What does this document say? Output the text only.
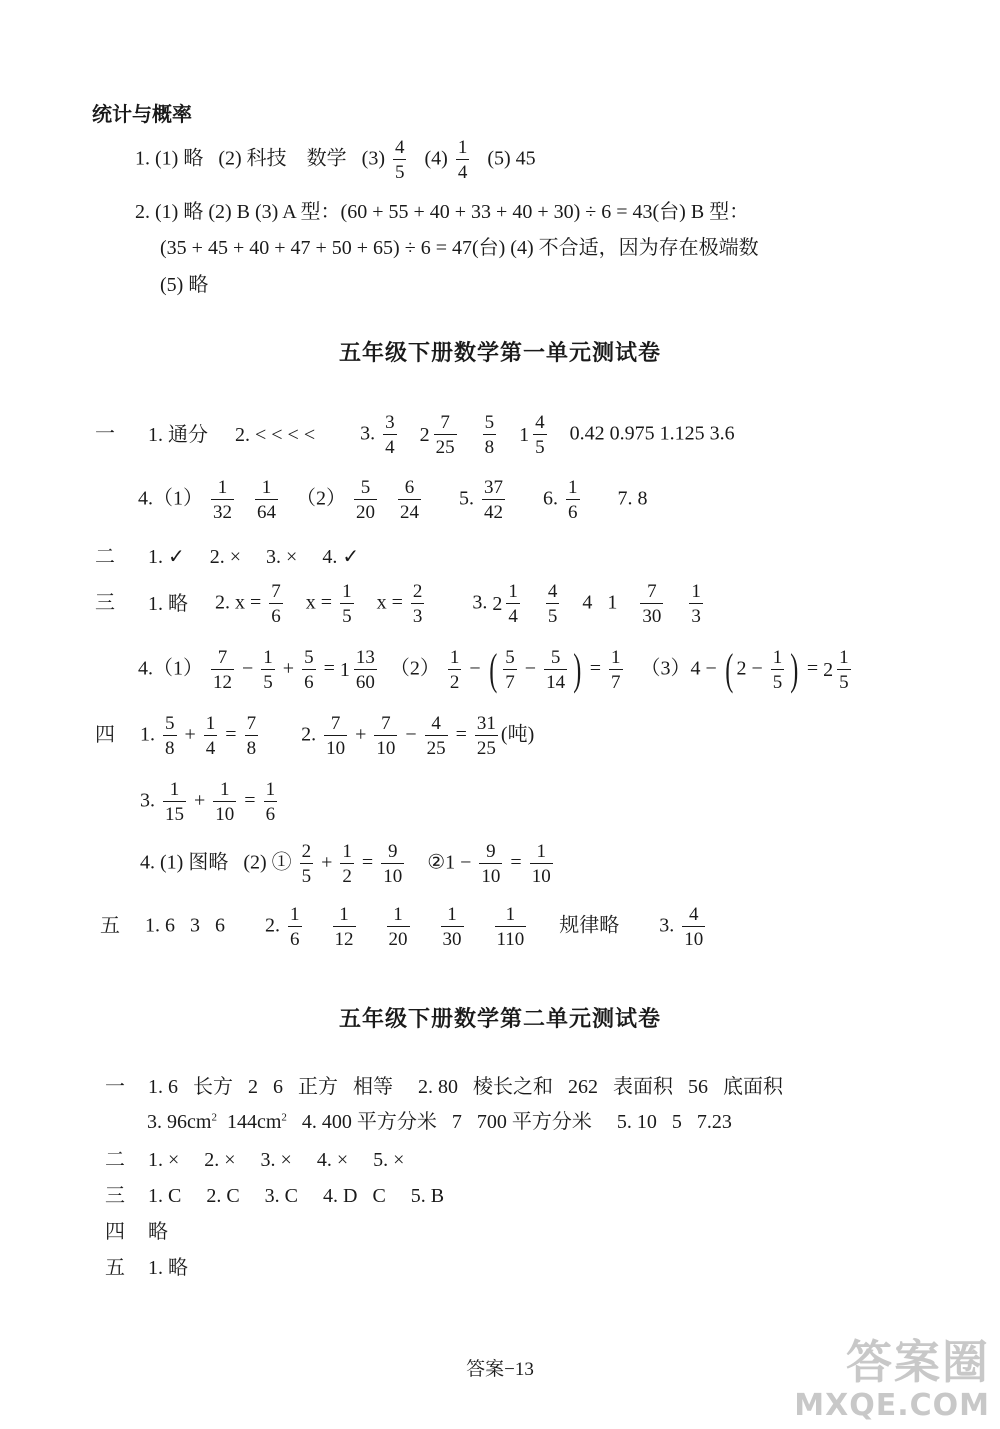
统计与概率
1. (1) 略 (2) 科技 数学 $(3) \frac{4}{5} (4) \frac{1}{4} (5)$ 45
2. (1) 略 (2) B (3) A 型：(60 + 55 + 40 + 33 + 40 + 30) ÷ 6 = 43(台) B 型：
(35 + 45 + 40 + 47 + 50 + 65) ÷ 6 = 47(台) (4) 不合适，因为存在极端数
(5) 略
五年级下册数学第一单元测试卷
一 1. 通分 2. < < < < 3. $\frac{3}{4}$
$2 \frac{7}{25}$
$\frac{5}{8}$
$1 \frac{4}{5} 0.42$ 0.975 1.125 3.6
$4.(1) \frac{1}{32}$
$\frac{1}{64} (2) \frac{5}{20}$
$\frac{6}{24} 5$. $\frac{37}{42} 6$. $\frac{1}{6} 7$. 8
二 1. ✓     2. ×     3. ×     4. ✓
三 1. 略 2. $x = \frac{7}{6}$ $x = \frac{1}{5}$ $x = \frac{2}{3} 3$. $2 \frac{1}{4}$
$\frac{4}{5} 4$   $1 \frac{7}{30}$
$\frac{1}{3}$
$4.(1) \frac{7}{12} - \frac{1}{5} + \frac{5}{6} = 1 \frac{13}{60} (2) \frac{1}{2}$ − ( $\frac{5}{7} - \frac{5}{14}$ ) = $\frac{1}{7} (3)4$ − ( $2 - \frac{1}{5}$ ) = $2 \frac{1}{5}$
四 1. $\frac{5}{8} + \frac{1}{4} = \frac{7}{8} 2$. $\frac{7}{10} + \frac{7}{10} - \frac{4}{25} = \frac{31}{25}$ (吨)
3. $\frac{1}{15} + \frac{1}{10} = \frac{1}{6}$
4. (1) 图略   (2) ① $\frac{2}{5} + \frac{1}{2} = \frac{9}{10}$ ②1 − $\frac{9}{10} = \frac{1}{10}$
五 1. 6   3   6 2. $\frac{1}{6}$
$\frac{1}{12}$
$\frac{1}{20}$
$\frac{1}{30}$
$\frac{1}{110}$ 规律略 3. $\frac{4}{10}$
五年级下册数学第二单元测试卷
一 1. 6   长方   2   6   正方   相等     2. 80   棱长之和   262   表面积   56   底面积
3. $96cm^2$  $144cm^2$   4. 400 平方分米   7   700 平方分米     5. 10   5   7.23
二 1. ×     2. ×     3. ×     4. ×     5. ×
三 1. C     2. C     3. C     4. D   C     5. B
四 略
五 1. 略
答案−13	答案圈
MXQE.COM
